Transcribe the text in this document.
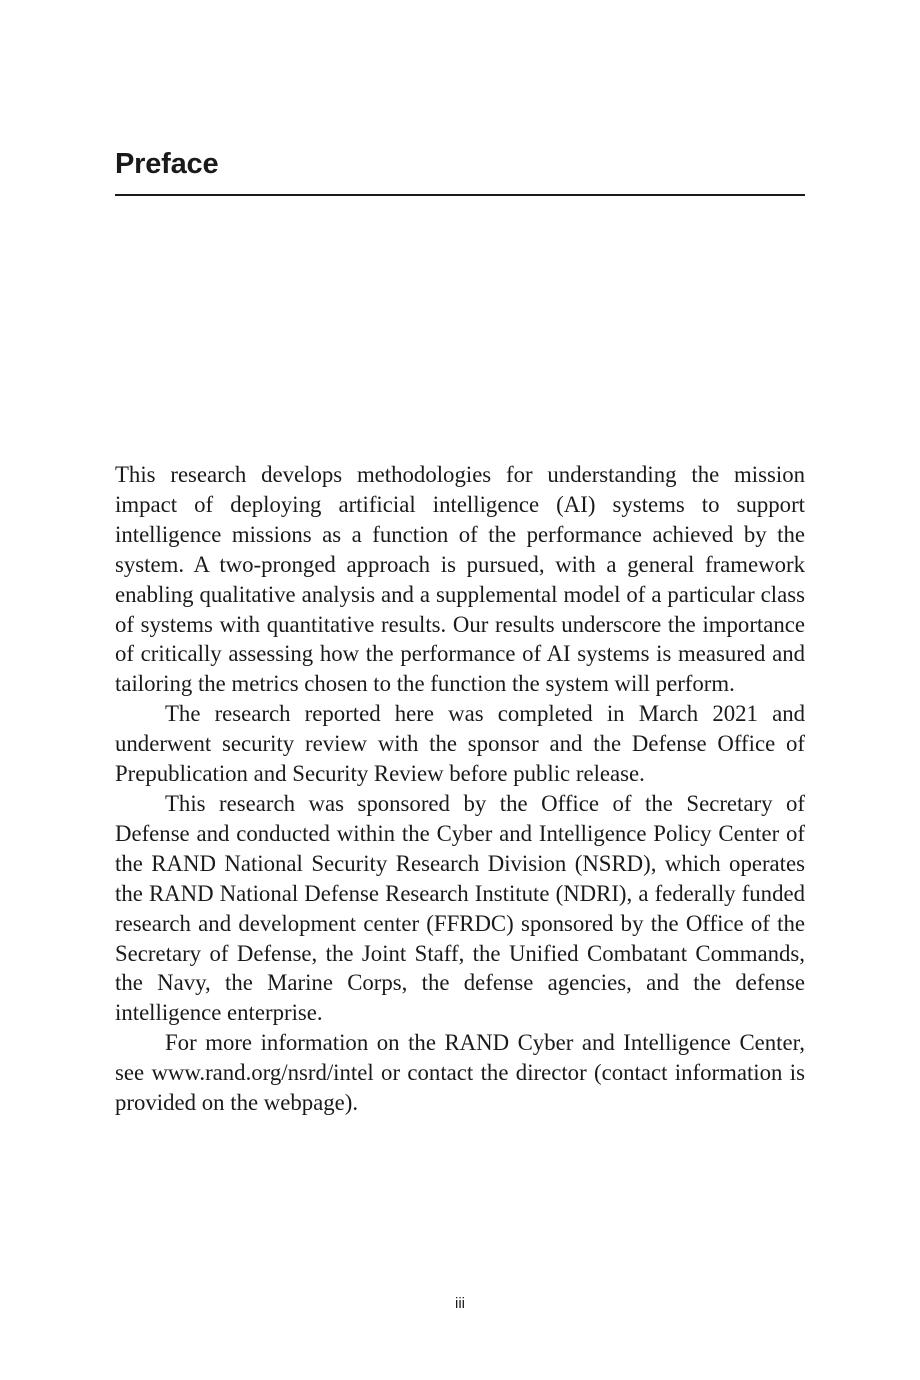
Preface

This research develops methodologies for understanding the mission impact of deploying artificial intelligence (AI) systems to support intelligence missions as a function of the performance achieved by the system. A two-pronged approach is pursued, with a general framework enabling qualitative analysis and a supplemental model of a particular class of systems with quantitative results. Our results underscore the importance of critically assessing how the performance of AI systems is measured and tailoring the metrics chosen to the function the system will perform.

The research reported here was completed in March 2021 and underwent security review with the sponsor and the Defense Office of Prepublication and Security Review before public release.

This research was sponsored by the Office of the Secretary of Defense and conducted within the Cyber and Intelligence Policy Center of the RAND National Security Research Division (NSRD), which operates the RAND National Defense Research Institute (NDRI), a federally funded research and development center (FFRDC) sponsored by the Office of the Secretary of Defense, the Joint Staff, the Unified Combatant Commands, the Navy, the Marine Corps, the defense agencies, and the defense intelligence enterprise.

For more information on the RAND Cyber and Intelligence Center, see www.rand.org/nsrd/intel or contact the director (contact information is provided on the webpage).

iii
